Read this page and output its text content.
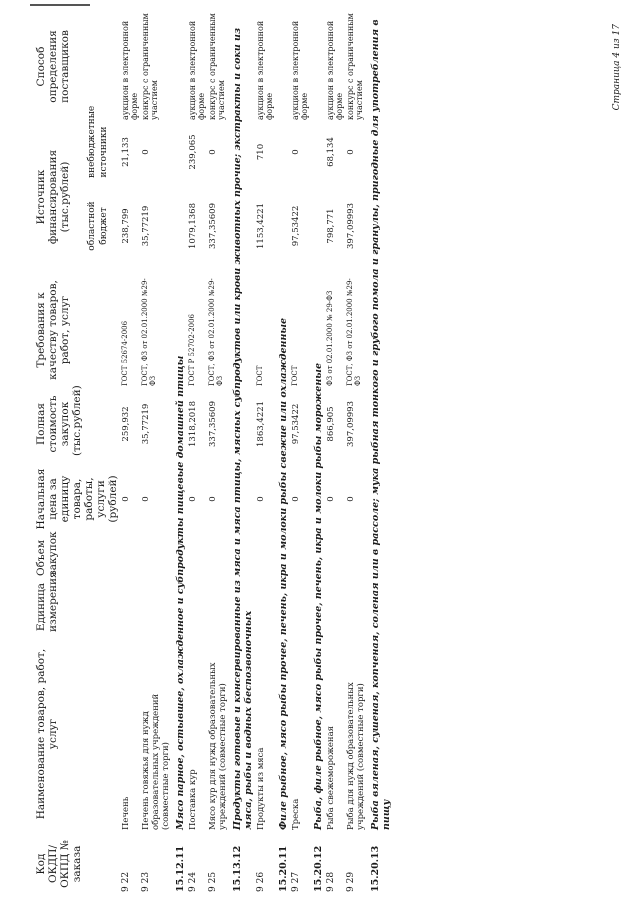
Код ОКДП/ ОКПД № заказа	Наименование товаров, работ, услуг	Единица измерения	Объем закупок	Начальная цена за единицу товара, работы, услуги (рублей)	Полная стоимость закупок (тыс.рублей)	Требования к качеству товаров, работ, услуг	Источник финансирования (тыс.рублей)		Способ определения поставщиков
							областной бюджет	внебюджетные источники	
9 22	Печень			0	259,932	ГОСТ 52674-2006	238,799	21,133	аукцион в электронной форме
9 23	Печень говяжья для нужд образовательных учреждений (совместные торги)			0	35,77219	ГОСТ, ФЗ от 02.01.2000 №29-ФЗ	35,77219	0	конкурс с ограниченным участием
15.12.11	Мясо парное, остывшее, охлажденное и субпродукты пищевые домашней птицы								
9 24	Поставка кур			0	1318,2018	ГОСТ Р 52702-2006	1079,1368	239,065	аукцион в электронной форме
9 25	Мясо кур для нужд образовательных учреждений (совместные торги)			0	337,35609	ГОСТ, ФЗ от 02.01.2000 №29-ФЗ	337,35609	0	конкурс с ограниченным участием
15.13.12	Продукты готовые и консервированные из мяса и мяса птицы, мясных субпродуктов или крови животных прочие; экстракты и соки из мяса, рыбы и водных беспозвоночных								
9 26	Продукты из мяса			0	1863,4221	ГОСТ	1153,4221	710	аукцион в электронной форме
15.20.11	Филе рыбное, мясо рыбы прочее, печень, икра и молоки рыбы свежие или охлажденные								
9 27	Треска			0	97,53422	ГОСТ	97,53422	0	аукцион в электронной форме
15.20.12	Рыба, филе рыбное, мясо рыбы прочее, печень, икра и молоки рыбы мороженые								
9 28	Рыба свежемороженая			0	866,905	ФЗ от 02.01.2000 № 29-ФЗ	798,771	68,134	аукцион в электронной форме
9 29	Рыба для нужд образовательных учреждений (совместные торги)			0	397,09993	ГОСТ, ФЗ от 02.01.2000 №29-ФЗ	397,09993	0	конкурс с ограниченным участием
15.20.13	Рыба вяленая, сушеная, копченая, соленая или в рассоле; мука рыбная тонкого и грубого помола и гранулы, пригодные для употребления в пищу								
Страница 4 из 17
